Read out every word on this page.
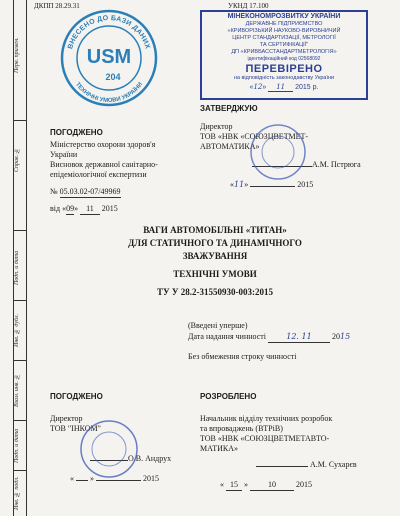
Перв. примен.
Справ. №
Подп. и дата
Инв. № дубл.
Взам. инв. №
Подп. и дата
Инв. № подл.
ДКПП 28.29.31	УКНД 17.100
ВНЕСЕНО ДО БАЗИ ДАНИХ
ТЕХНІЧНІ УМОВИ УКРАЇНИ
USM
204
МІНЕКОНОМРОЗВИТКУ УКРАЇНИ
ДЕРЖАВНЕ ПІДПРИЄМСТВО
«КРИВОРІЗЬКИЙ НАУКОВО-ВИРОБНИЧИЙ
ЦЕНТР СТАНДАРТИЗАЦІЇ, МЕТРОЛОГІЇ
ТА СЕРТИФІКАЦІЇ"
ДП «КРИВБАССТАНДАРТМЕТРОЛОГІЯ»
ідентифікаційний код 02568092
ПЕРЕВІРЕНО
на відповідність законодавству України
«12» 11 2015 р.
ПОГОДЖЕНО
Міністерство охорони здоров'я
України
Висновок державної санітарно-
епідеміологічної експертизи
№ 05.03.02-07/49969
від «09» 11 2015
ЗАТВЕРДЖУЮ
Директор
ТОВ «НВК «СОЮЗЦВЕТМЕТ-
АВТОМАТИКА»
А.М. Пстрюга
«11»	2015
ВАГИ АВТОМОБІЛЬНІ «ТИТАН»
ДЛЯ СТАТИЧНОГО ТА ДИНАМІЧНОГО
ЗВАЖУВАННЯ
ТЕХНІЧНІ УМОВИ
ТУ У 28.2-31550930-003:2015
(Введені уперше)
Дата надання чинності	12. 11	2015
Без обмеження строку чинності
ПОГОДЖЕНО
Директор
ТОВ "ІНКОМ"
О.В. Андрух
«  »	2015
РОЗРОБЛЕНО
Начальник відділу технічних розробок
та впроваджень (ВТРіВ)
ТОВ «НВК «СОЮЗЦВЕТМЕТАВТО-
МАТИКА»
А.М. Сухарєв
« 15 » 10	2015
